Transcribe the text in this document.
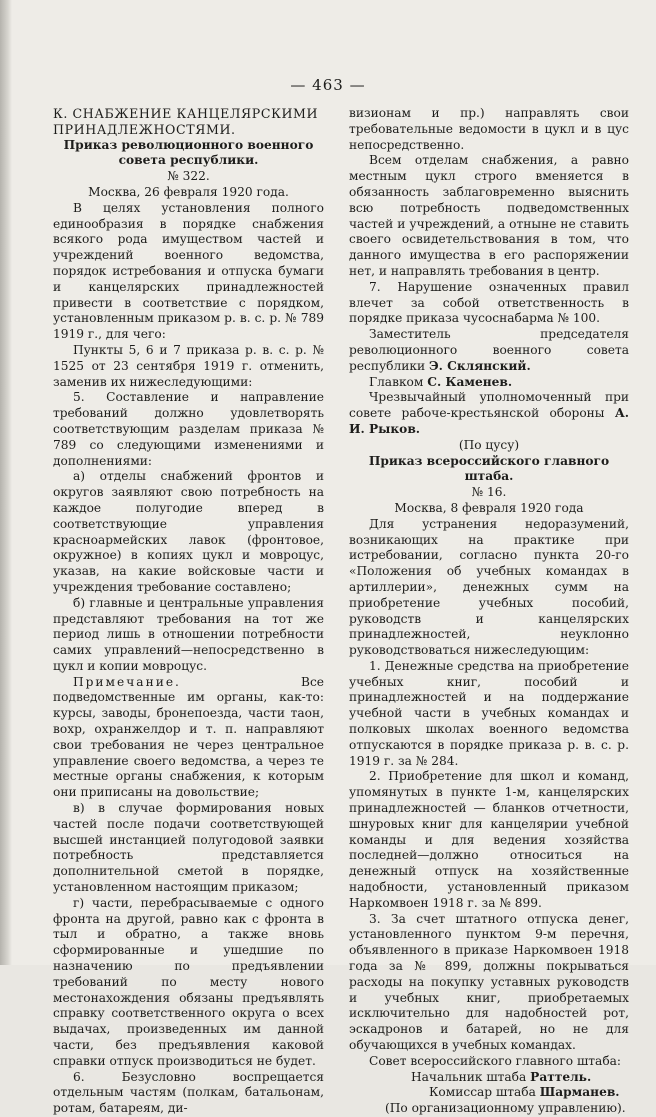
— 463 —

К. СНАБЖЕНИЕ КАНЦЕЛЯРСКИМИ ПРИНАДЛЕЖНОСТЯМИ.

Приказ революционного военного совета республики.

№ 322.

Москва, 26 февраля 1920 года.

В целях установления полного единообразия в порядке снабжения всякого рода имуществом частей и учреждений военного ведомства, порядок истребования и отпуска бумаги и канцелярских принадлежностей привести в соответствие с порядком, установленным приказом р. в. с. р. № 789 1919 г., для чего:

Пункты 5, 6 и 7 приказа р. в. с. р. № 1525 от 23 сентября 1919 г. отменить, заменив их нижеследующими:

5. Составление и направление требований должно удовлетворять соответствующим разделам приказа № 789 со следующими изменениями и дополнениями:

а) отделы снабжений фронтов и округов заявляют свою потребность на каждое полугодие вперед в соответствующие управления красноармейских лавок (фронтовое, окружное) в копиях цукл и мовроцус, указав, на какие войсковые части и учреждения требование составлено;

б) главные и центральные управления представляют требования на тот же период лишь в отношении потребности самих управлений—непосредственно в цукл и копии мовроцус.

Примечание.	Все подведомственные им органы, как-то: курсы, заводы, бронепоезда, части таон, вохр, охранжелдор и т. п. направляют свои требования не через центральное управление своего ведомства, а через те местные органы снабжения, к которым они приписаны на довольствие;

в) в случае формирования новых частей после подачи соответствующей высшей инстанцией полугодовой заявки потребность представляется дополнительной сметой в порядке, установленном настоящим приказом;

г) части, перебрасываемые с одного фронта на другой, равно как с фронта в тыл и обратно, а также вновь сформированные и ушедшие по назначению по предъявлении требований по месту нового местонахождения обязаны предъявлять справку соответственного округа о всех выдачах, произведенных им данной части, без предъявления каковой справки отпуск производиться не будет.

6. Безусловно воспрещается отдельным частям (полкам, батальонам, ротам, батареям, ди-

визионам и пр.) направлять свои требовательные ведомости в цукл и в цус непосредственно.

Всем отделам снабжения, а равно местным цукл строго вменяется в обязанность заблаговременно выяснить всю потребность подведомственных частей и учреждений, а отныне не ставить своего освидетельствования в том, что данного имущества в его распоряжении нет, и направлять требования в центр.

7. Нарушение означенных правил влечет за собой ответственность в порядке приказа чусоснабарма № 100.

Заместитель председателя революционного военного совета республики Э. Склянский.

Главком С. Каменев.

Чрезвычайный уполномоченный при совете рабоче-крестьянской обороны А. И. Рыков.

(По цусу)

Приказ всероссийского главного штаба.

№ 16.

Москва, 8 февраля 1920 года

Для устранения недоразумений, возникающих на практике при истребовании, согласно пункта 20-го «Положения об учебных командах в артиллерии», денежных сумм на приобретение учебных пособий, руководств и канцелярских принадлежностей, неуклонно руководствоваться нижеследующим:

1. Денежные средства на приобретение учебных книг, пособий и принадлежностей и на поддержание учебной части в учебных командах и полковых школах военного ведомства отпускаются в порядке приказа р. в. с. р. 1919 г. за № 284.

2. Приобретение для школ и команд, упомянутых в пункте 1-м, канцелярских принадлежностей — бланков отчетности, шнуровых книг для канцелярии учебной команды и для ведения хозяйства последней—должно относиться на денежный отпуск на хозяйственные надобности, установленный приказом Наркомвоен 1918 г. за № 899.

3. За счет штатного отпуска денег, установленного пунктом 9-м перечня, объявленного в приказе Наркомвоен 1918 года за № 899, должны покрываться расходы на покупку уставных руководств и учебных книг, приобретаемых исключительно для надобностей рот, эскадронов и батарей, но не для обучающихся в учебных командах.

Совет всероссийского главного штаба:

Начальник штаба Раттель.

Комиссар штаба Шарманев.

(По организационному управлению).
